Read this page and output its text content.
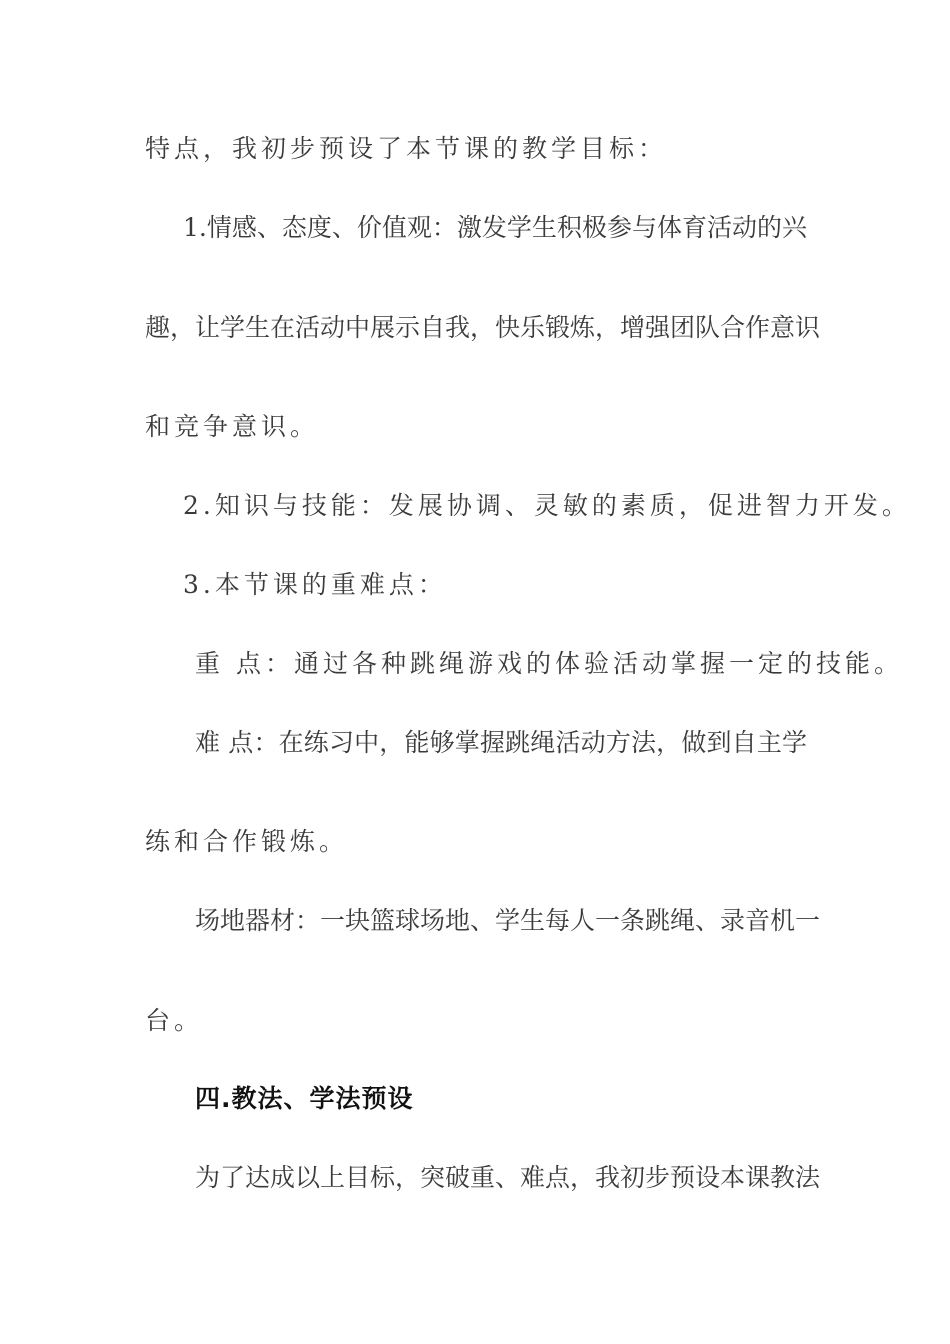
特点，我初步预设了本节课的教学目标：
1.情感、态度、价值观：激发学生积极参与体育活动的兴
趣，让学生在活动中展示自我，快乐锻炼，增强团队合作意识
和竞争意识。
2.知识与技能：发展协调、灵敏的素质，促进智力开发。
3.本节课的重难点：
重 点：通过各种跳绳游戏的体验活动掌握一定的技能。
难 点：在练习中，能够掌握跳绳活动方法，做到自主学
练和合作锻炼。
场地器材：一块篮球场地、学生每人一条跳绳、录音机一
台。
四.教法、学法预设
为了达成以上目标，突破重、难点，我初步预设本课教法
